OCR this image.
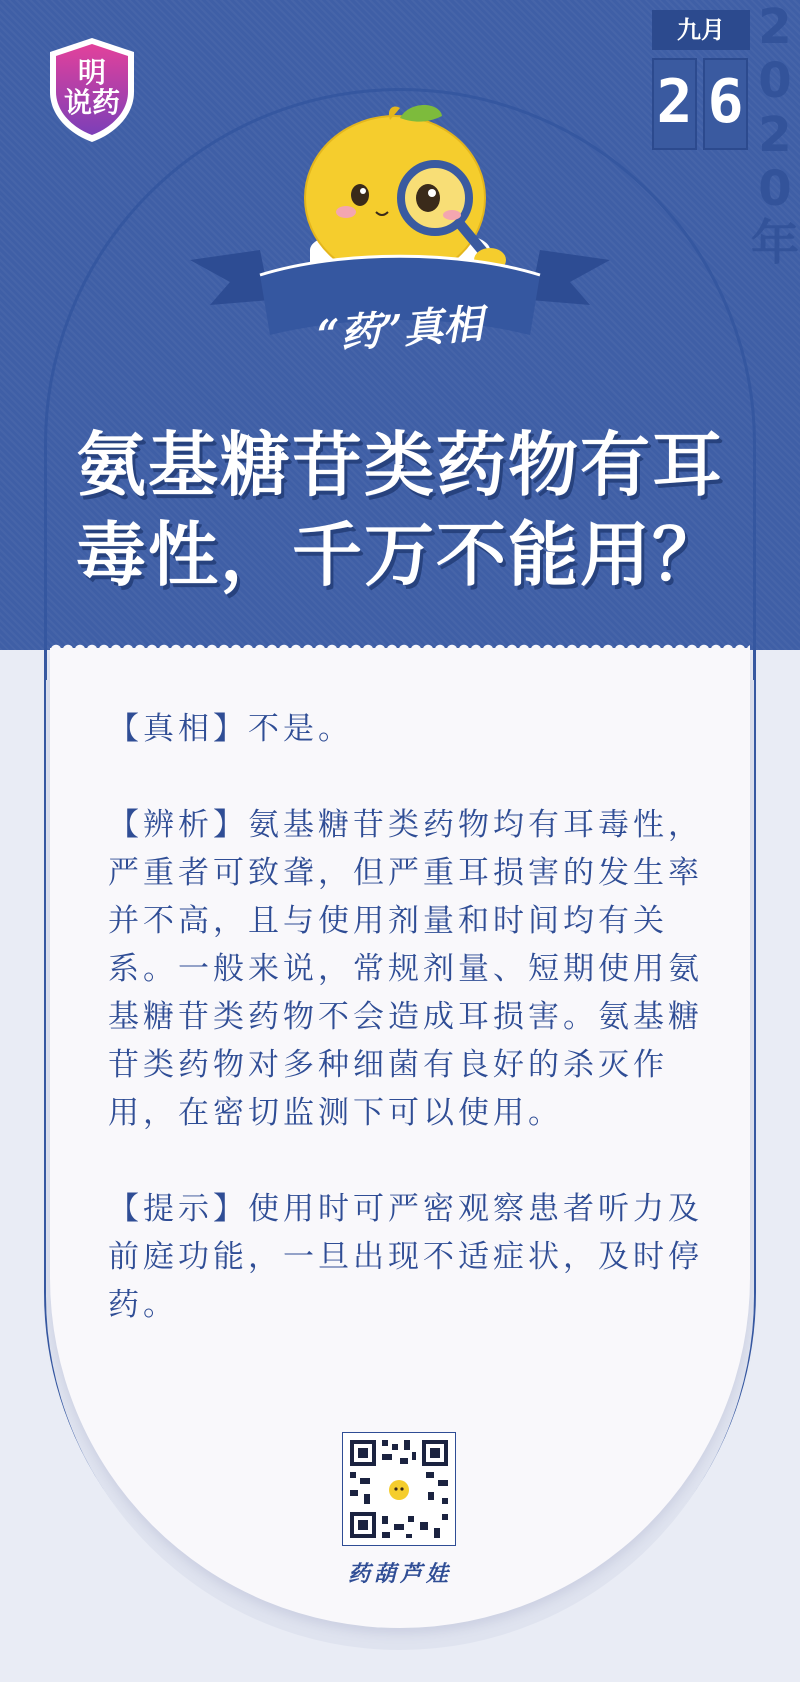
明
说药
九月
2 6
2020年
“药”真相
氨基糖苷类药物有耳
毒性，千万不能用？

【真相】不是。

【辨析】氨基糖苷类药物均有耳毒性，严重者可致聋，但严重耳损害的发生率并不高，且与使用剂量和时间均有关系。一般来说，常规剂量、短期使用氨基糖苷类药物不会造成耳损害。氨基糖苷类药物对多种细菌有良好的杀灭作用，在密切监测下可以使用。

【提示】使用时可严密观察患者听力及前庭功能，一旦出现不适症状，及时停药。

药葫芦娃
